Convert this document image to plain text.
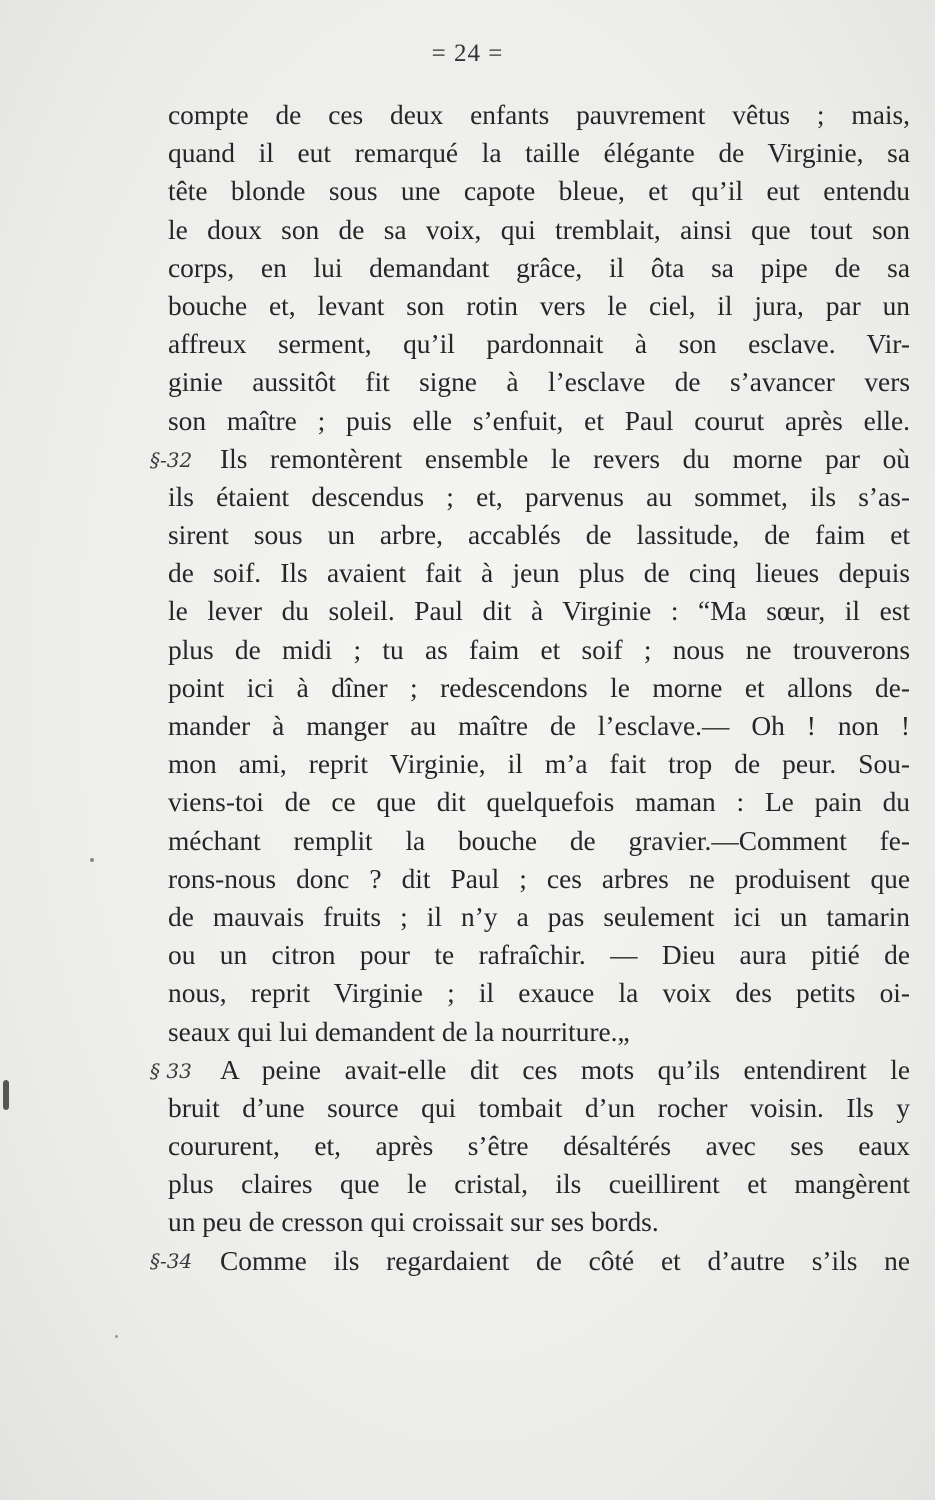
= 24 =
§-32
§ 33
§-34
compte de ces deux enfants pauvrement vêtus ; mais,
quand il eut remarqué la taille élégante de Virginie, sa
tête blonde sous une capote bleue, et qu’il eut entendu
le doux son de sa voix, qui tremblait, ainsi que tout son
corps, en lui demandant grâce, il ôta sa pipe de sa
bouche et, levant son rotin vers le ciel, il jura, par un
affreux serment, qu’il pardonnait à son esclave. Vir-
ginie aussitôt fit signe à l’esclave de s’avancer vers
son maître ; puis elle s’enfuit, et Paul courut après elle.
Ils remontèrent ensemble le revers du morne par où
ils étaient descendus ; et, parvenus au sommet, ils s’as-
sirent sous un arbre, accablés de lassitude, de faim et
de soif. Ils avaient fait à jeun plus de cinq lieues depuis
le lever du soleil. Paul dit à Virginie : “Ma sœur, il est
plus de midi ; tu as faim et soif ; nous ne trouverons
point ici à dîner ; redescendons le morne et allons de-
mander à manger au maître de l’esclave.— Oh ! non !
mon ami, reprit Virginie, il m’a fait trop de peur. Sou-
viens-toi de ce que dit quelquefois maman : Le pain du
méchant remplit la bouche de gravier.—Comment fe-
rons-nous donc ? dit Paul ; ces arbres ne produisent que
de mauvais fruits ; il n’y a pas seulement ici un tamarin
ou un citron pour te rafraîchir. — Dieu aura pitié de
nous, reprit Virginie ; il exauce la voix des petits oi-
seaux qui lui demandent de la nourriture.„
A peine avait-elle dit ces mots qu’ils entendirent le
bruit d’une source qui tombait d’un rocher voisin. Ils y
coururent, et, après s’être désaltérés avec ses eaux
plus claires que le cristal, ils cueillirent et mangèrent
un peu de cresson qui croissait sur ses bords.
Comme ils regardaient de côté et d’autre s’ils ne
